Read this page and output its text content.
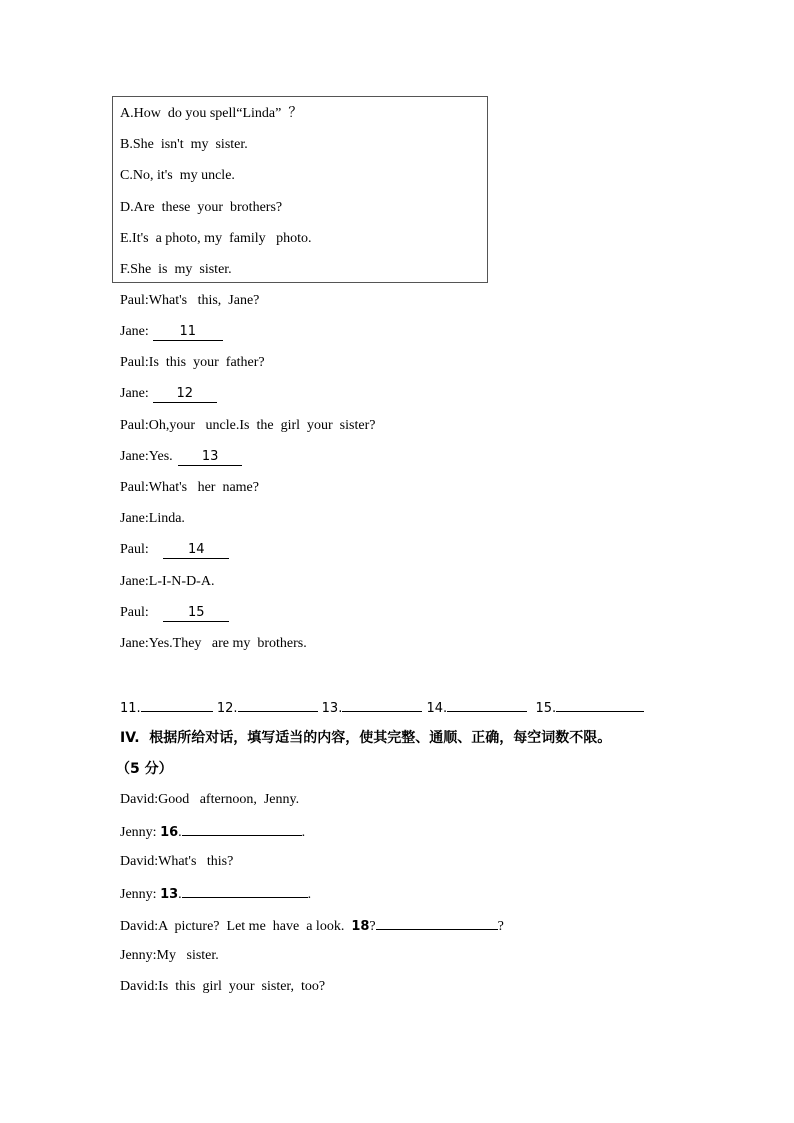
A.How  do you spell“Linda”  ？
B.She  isn't  my  sister.
C.No, it's  my uncle.
D.Are  these  your  brothers?
E.It's  a photo, my  family   photo.
F.She  is  my  sister.
Paul:What's   this,  Jane?
Jane: 11
Paul:Is  this  your  father?
Jane: 12
Paul:Oh,your   uncle.Is  the  girl  your  sister?
Jane:Yes. 13
Paul:What's   her  name?
Jane:Linda.
Paul:   14
Jane:L-I-N-D-A.
Paul:   15
Jane:Yes.They   are my  brothers.
11.	12.	13.	14.	15.
IV.  根据所给对话，填写适当的内容，使其完整、通顺、正确，每空词数不限。
（5 分）
David:Good   afternoon,  Jenny.
Jenny: 16.	.
David:What's   this?
Jenny: 13.	.
David:A  picture?  Let me  have  a look.  18?	?
Jenny:My   sister.
David:Is  this  girl  your  sister,  too?
